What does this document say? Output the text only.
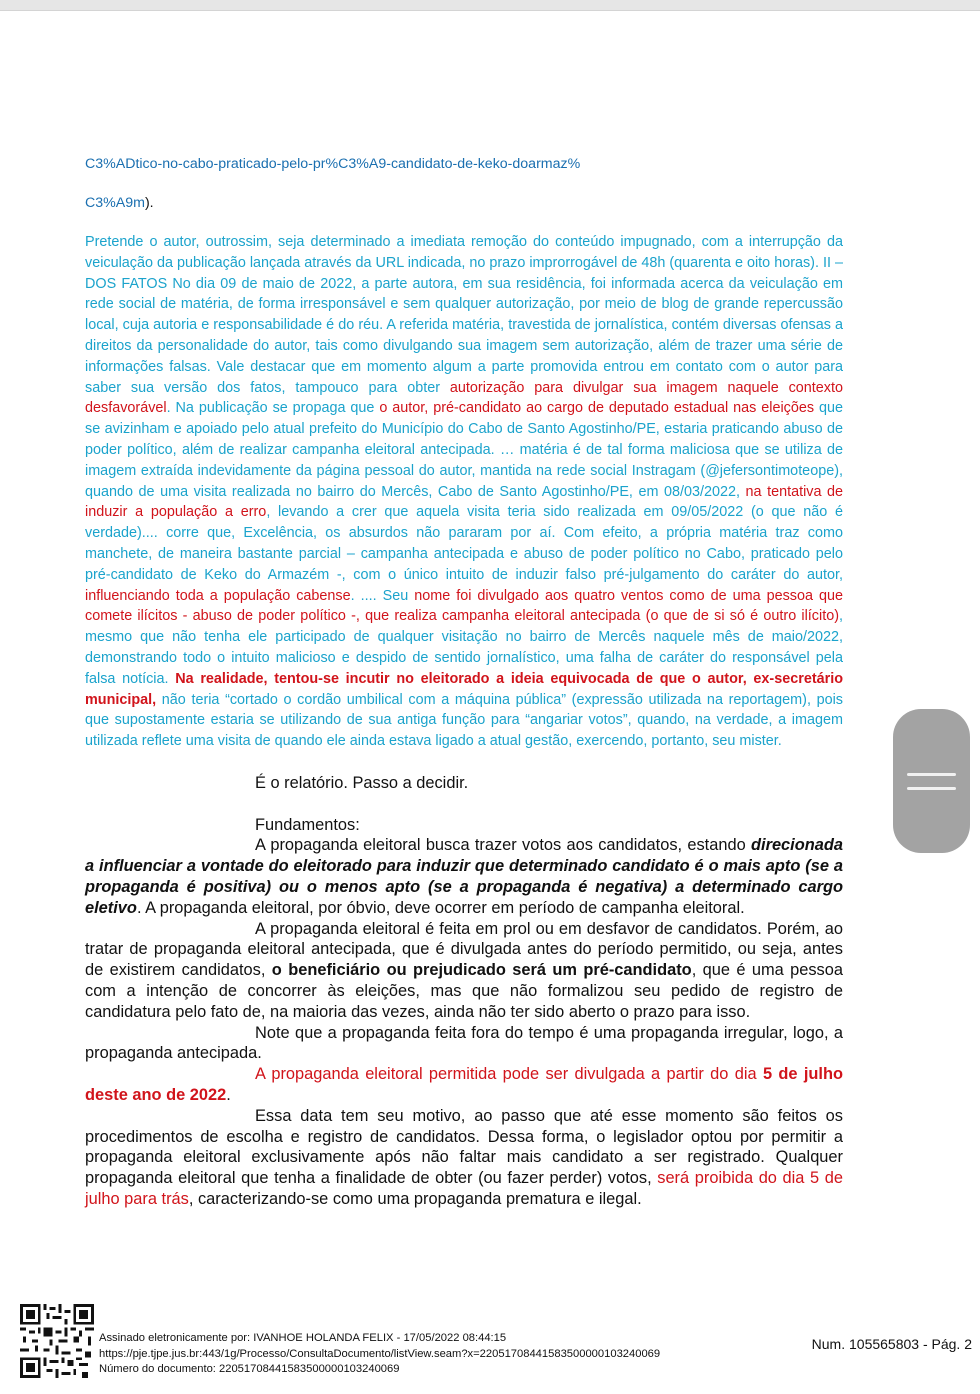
C3%ADtico-no-cabo-praticado-pelo-pr%C3%A9-candidato-de-keko-doarmaz%
C3%A9m).
Pretende o autor, outrossim, seja determinado a imediata remoção do conteúdo impugnado, com a interrupção da veiculação da publicação lançada através da URL indicada, no prazo improrrogável de 48h (quarenta e oito horas). II – DOS FATOS No dia 09 de maio de 2022, a parte autora, em sua residência, foi informada acerca da veiculação em rede social de matéria, de forma irresponsável e sem qualquer autorização, por meio de blog de grande repercussão local, cuja autoria e responsabilidade é do réu. A referida matéria, travestida de jornalística, contém diversas ofensas a direitos da personalidade do autor, tais como divulgando sua imagem sem autorização, além de trazer uma série de informações falsas. Vale destacar que em momento algum a parte promovida entrou em contato com o autor para saber sua versão dos fatos, tampouco para obter autorização para divulgar sua imagem naquele contexto desfavorável. Na publicação se propaga que o autor, pré-candidato ao cargo de deputado estadual nas eleições que se avizinham e apoiado pelo atual prefeito do Município do Cabo de Santo Agostinho/PE, estaria praticando abuso de poder político, além de realizar campanha eleitoral antecipada. … matéria é de tal forma maliciosa que se utiliza de imagem extraída indevidamente da página pessoal do autor, mantida na rede social Instragam (@jefersontimoteope), quando de uma visita realizada no bairro do Mercês, Cabo de Santo Agostinho/PE, em 08/03/2022, na tentativa de induzir a população a erro, levando a crer que aquela visita teria sido realizada em 09/05/2022 (o que não é verdade).... corre que, Excelência, os absurdos não pararam por aí. Com efeito, a própria matéria traz como manchete, de maneira bastante parcial – campanha antecipada e abuso de poder político no Cabo, praticado pelo pré-candidato de Keko do Armazém -, com o único intuito de induzir falso pré-julgamento do caráter do autor, influenciando toda a população cabense. .... Seu nome foi divulgado aos quatro ventos como de uma pessoa que comete ilícitos - abuso de poder político -, que realiza campanha eleitoral antecipada (o que de si só é outro ilícito), mesmo que não tenha ele participado de qualquer visitação no bairro de Mercês naquele mês de maio/2022, demonstrando todo o intuito malicioso e despido de sentido jornalístico, uma falha de caráter do responsável pela falsa notícia. Na realidade, tentou-se incutir no eleitorado a ideia equivocada de que o autor, ex-secretário municipal, não teria “cortado o cordão umbilical com a máquina pública” (expressão utilizada na reportagem), pois que supostamente estaria se utilizando de sua antiga função para “angariar votos”, quando, na verdade, a imagem utilizada reflete uma visita de quando ele ainda estava ligado a atual gestão, exercendo, portanto, seu mister.

É o relatório. Passo a decidir.

Fundamentos:

A propaganda eleitoral busca trazer votos aos candidatos, estando direcionada a influenciar a vontade do eleitorado para induzir que determinado candidato é o mais apto (se a propaganda é positiva) ou o menos apto (se a propaganda é negativa) a determinado cargo eletivo. A propaganda eleitoral, por óbvio, deve ocorrer em período de campanha eleitoral.

A propaganda eleitoral é feita em prol ou em desfavor de candidatos. Porém, ao tratar de propaganda eleitoral antecipada, que é divulgada antes do período permitido, ou seja, antes de existirem candidatos, o beneficiário ou prejudicado será um pré-candidato, que é uma pessoa com a intenção de concorrer às eleições, mas que não formalizou seu pedido de registro de candidatura pelo fato de, na maioria das vezes, ainda não ter sido aberto o prazo para isso.

Note que a propaganda feita fora do tempo é uma propaganda irregular, logo, a propaganda antecipada.

A propaganda eleitoral permitida pode ser divulgada a partir do dia 5 de julho deste ano de 2022.

Essa data tem seu motivo, ao passo que até esse momento são feitos os procedimentos de escolha e registro de candidatos. Dessa forma, o legislador optou por permitir a propaganda eleitoral exclusivamente após não faltar mais candidato a ser registrado. Qualquer propaganda eleitoral que tenha a finalidade de obter (ou fazer perder) votos, será proibida do dia 5 de julho para trás, caracterizando-se como uma propaganda prematura e ilegal.

Assinado eletronicamente por: IVANHOE HOLANDA FELIX - 17/05/2022 08:44:15
https://pje.tjpe.jus.br:443/1g/Processo/ConsultaDocumento/listView.seam?x=22051708441583500000103240069
Número do documento: 22051708441583500000103240069
Num. 105565803 - Pág. 2
